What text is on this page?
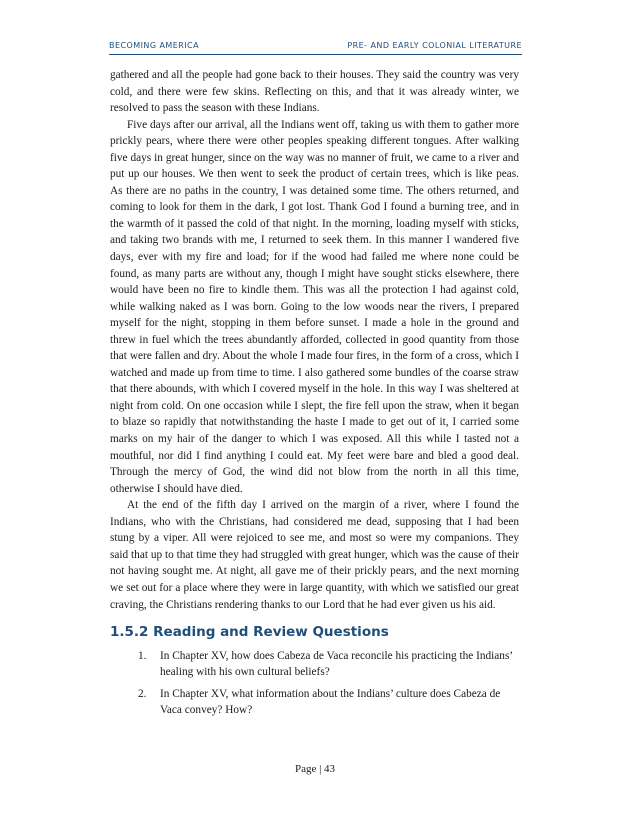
BECOMING AMERICA	PRE- AND EARLY COLONIAL LITERATURE

gathered and all the people had gone back to their houses. They said the country was very cold, and there were few skins. Reflecting on this, and that it was already winter, we resolved to pass the season with these Indians.

Five days after our arrival, all the Indians went off, taking us with them to gather more prickly pears, where there were other peoples speaking different tongues. After walking five days in great hunger, since on the way was no manner of fruit, we came to a river and put up our houses. We then went to seek the product of certain trees, which is like peas. As there are no paths in the country, I was detained some time. The others returned, and coming to look for them in the dark, I got lost. Thank God I found a burning tree, and in the warmth of it passed the cold of that night. In the morning, loading myself with sticks, and taking two brands with me, I returned to seek them. In this manner I wandered five days, ever with my fire and load; for if the wood had failed me where none could be found, as many parts are without any, though I might have sought sticks elsewhere, there would have been no fire to kindle them. This was all the protection I had against cold, while walking naked as I was born. Going to the low woods near the rivers, I prepared myself for the night, stopping in them before sunset. I made a hole in the ground and threw in fuel which the trees abundantly afforded, collected in good quantity from those that were fallen and dry. About the whole I made four fires, in the form of a cross, which I watched and made up from time to time. I also gathered some bundles of the coarse straw that there abounds, with which I covered myself in the hole. In this way I was sheltered at night from cold. On one occasion while I slept, the fire fell upon the straw, when it began to blaze so rapidly that notwithstanding the haste I made to get out of it, I carried some marks on my hair of the danger to which I was exposed. All this while I tasted not a mouthful, nor did I find anything I could eat. My feet were bare and bled a good deal. Through the mercy of God, the wind did not blow from the north in all this time, otherwise I should have died.

At the end of the fifth day I arrived on the margin of a river, where I found the Indians, who with the Christians, had considered me dead, supposing that I had been stung by a viper. All were rejoiced to see me, and most so were my companions. They said that up to that time they had struggled with great hunger, which was the cause of their not having sought me. At night, all gave me of their prickly pears, and the next morning we set out for a place where they were in large quantity, with which we satisfied our great craving, the Christians rendering thanks to our Lord that he had ever given us his aid.

1.5.2 Reading and Review Questions
1. In Chapter XV, how does Cabeza de Vaca reconcile his practicing the Indians’ healing with his own cultural beliefs?
2. In Chapter XV, what information about the Indians’ culture does Cabeza de Vaca convey? How?
Page | 43
